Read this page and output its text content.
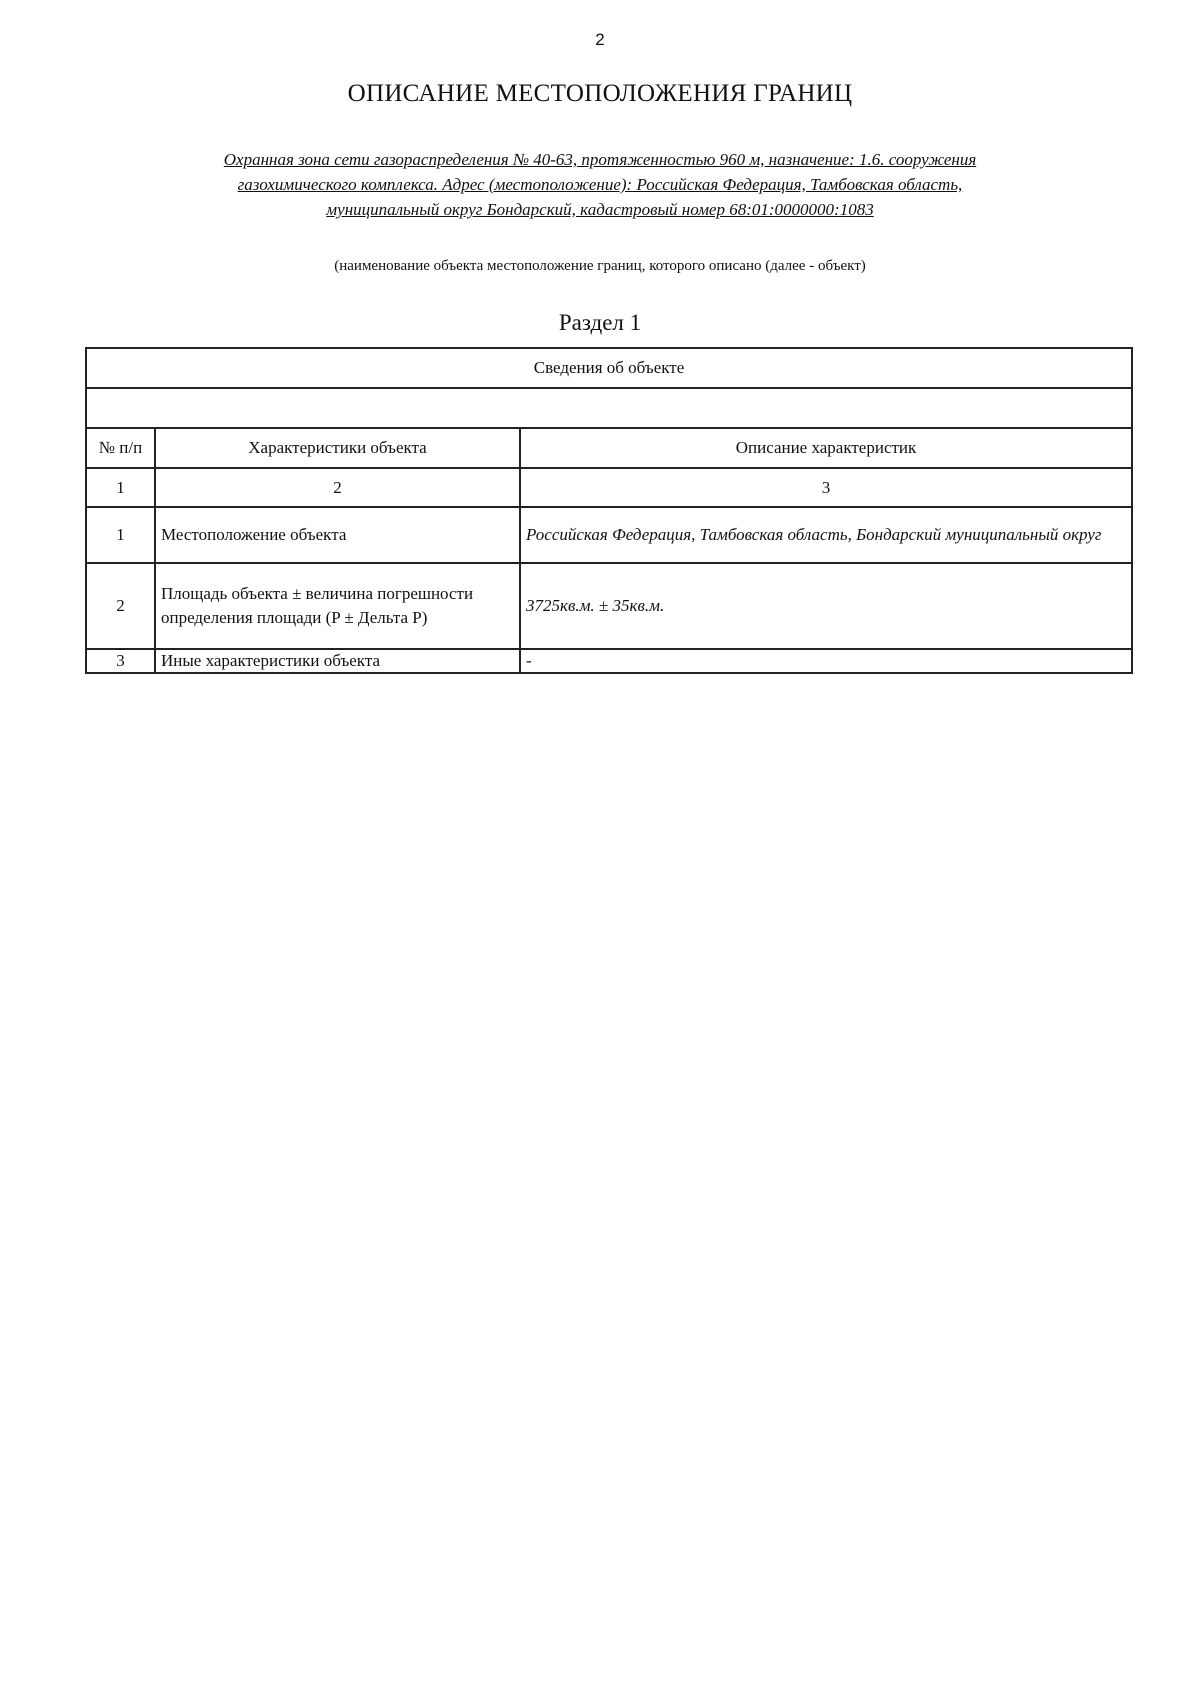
2
ОПИСАНИЕ МЕСТОПОЛОЖЕНИЯ ГРАНИЦ
Охранная зона сети газораспределения № 40-63, протяженностью 960 м, назначение: 1.6. сооружения
газохимического комплекса. Адрес (местоположение): Российская Федерация, Тамбовская область,
муниципальный округ Бондарский, кадастровый номер 68:01:0000000:1083
(наименование объекта местоположение границ, которого описано (далее - объект)
Раздел 1
Сведения об объекте		

№ п/п	Характеристики объекта	Описание характеристик
1	2	3
1	Местоположение объекта	Российская Федерация, Тамбовская область, Бондарский муниципальный округ
2	Площадь объекта ± величина погрешности определения площади (P ± Дельта P)	3725кв.м. ± 35кв.м.
3	Иные характеристики объекта	-
